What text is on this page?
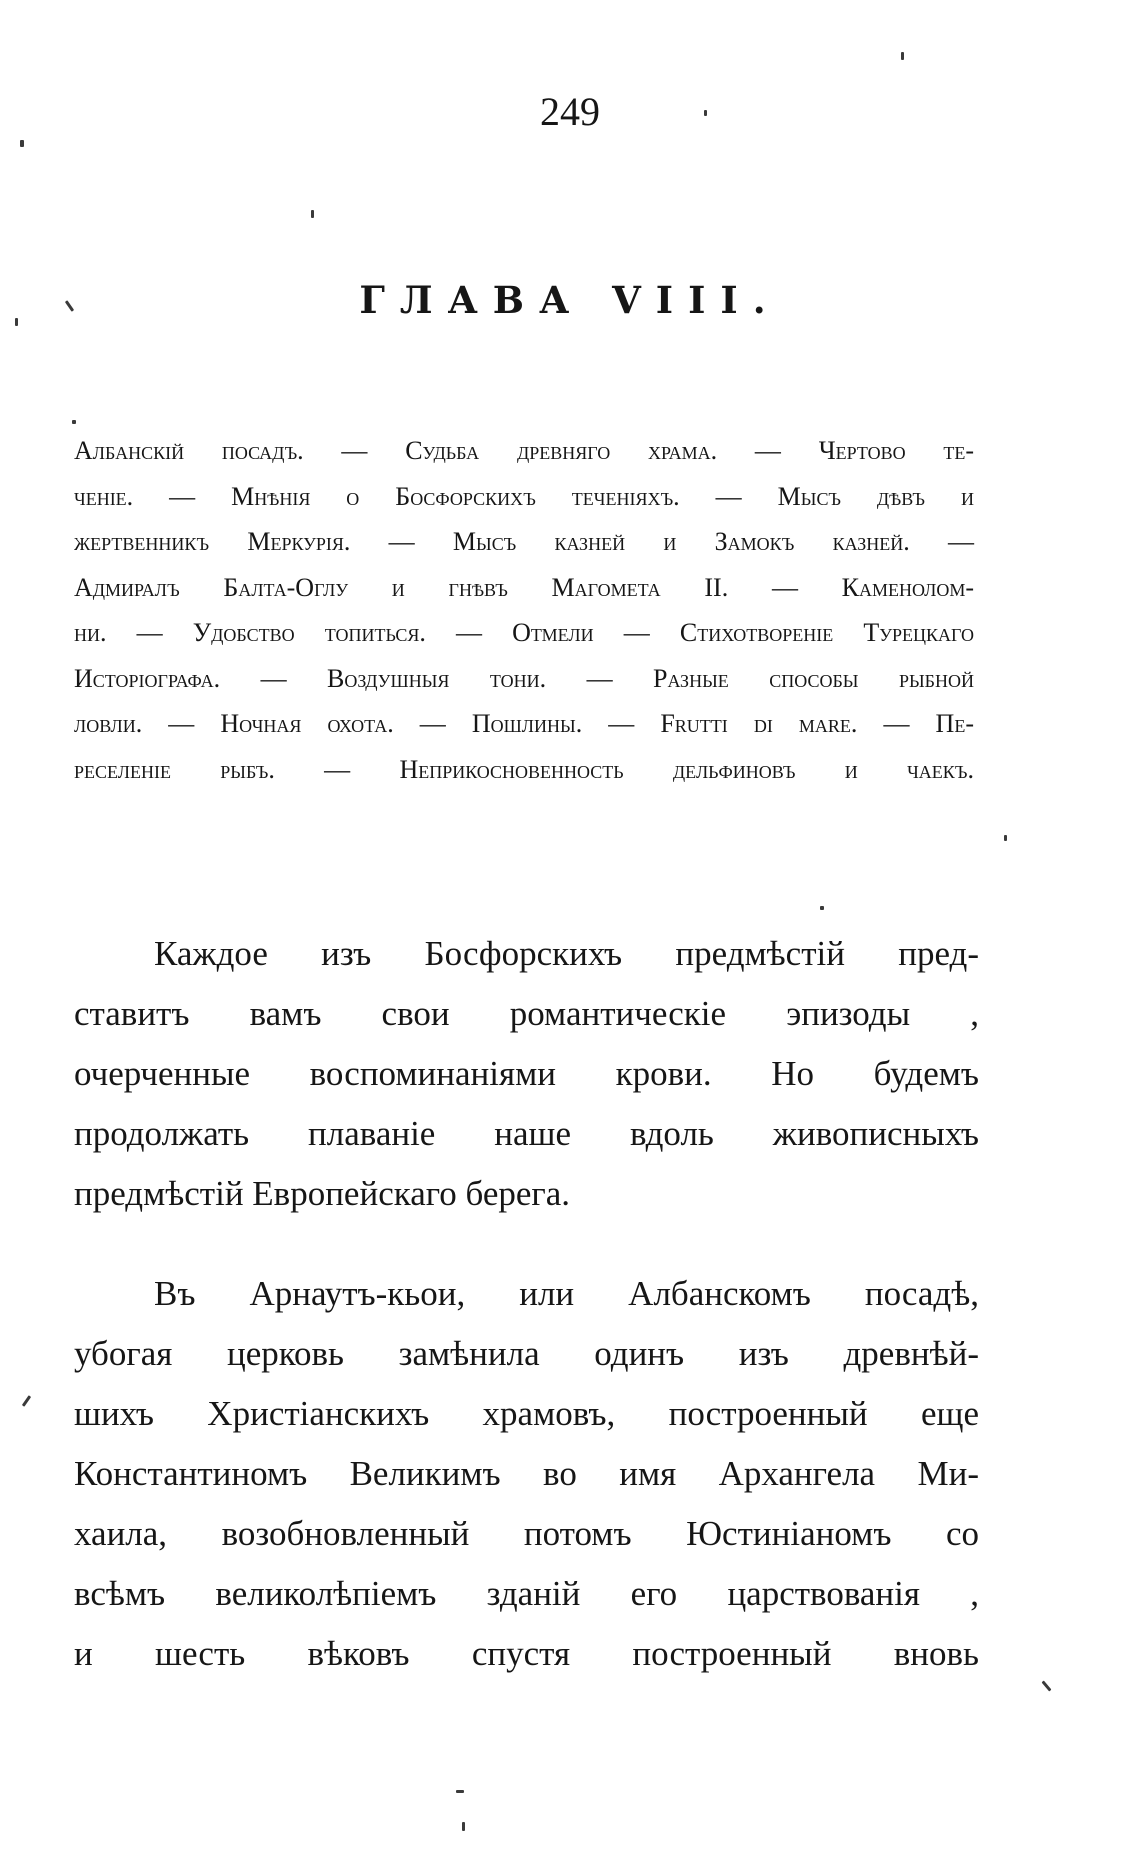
249
ГЛАВА VIII.
Албанскій посадъ. — Судьба древняго храма. — Чертово те-
ченіе. — Мнѣнія о Босфорскихъ теченіяхъ. — Мысъ дѣвъ и
жертвенникъ Меркурія. — Мысъ казней и Замокъ казней. —
Адмиралъ Балта-Оглу и гнѣвъ Магомета II. — Каменолом-
ни. — Удобство топиться. — Отмели — Стихотвореніе Турецкаго
Исторіографа. — Воздушныя тони. — Разные способы рыбной
ловли. — Ночная охота. — Пошлины. — Frutti di mare. — Пе-
реселеніе рыбъ. — Неприкосновенность дельфиновъ и чаекъ.
Каждое изъ Босфорскихъ предмѣстій пред-
ставитъ вамъ свои романтическіе эпизоды ,
очерченные воспоминаніями крови. Но будемъ
продолжать плаваніе наше вдоль живописныхъ
предмѣстій Европейскаго берега.
Въ Арнаутъ-кьои, или Албанскомъ посадѣ,
убогая церковь замѣнила одинъ изъ древнѣй-
шихъ Христіанскихъ храмовъ, построенный еще
Константиномъ Великимъ во имя Архангела Ми-
хаила, возобновленный потомъ Юстиніаномъ со
всѣмъ великолѣпіемъ зданій его царствованія ,
и шесть вѣковъ спустя построенный вновь
